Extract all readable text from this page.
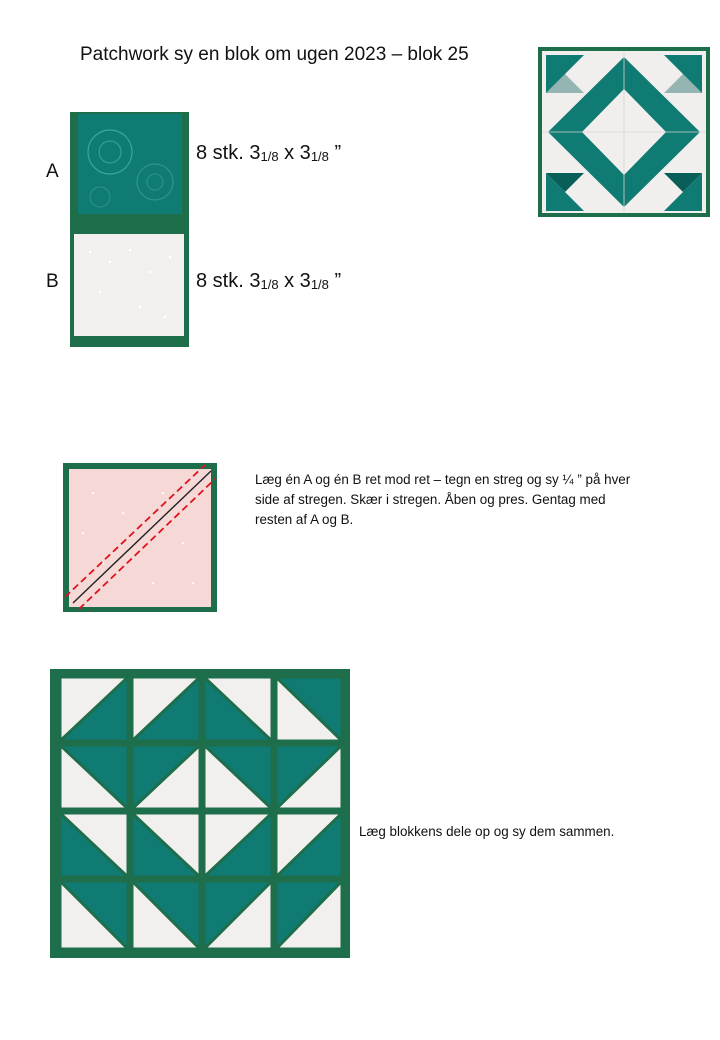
Patchwork sy en blok om ugen 2023 – blok 25
A
8 stk. $3_{1/8}$ x $3_{1/8}$ ”
B	8 stk. $3_{1/8}$ x $3_{1/8}$ ”
Læg én A og én B ret mod ret – tegn en streg og sy ¼ ” på hver side af stregen. Skær i stregen. Åben og pres. Gentag med resten af A og B.
Læg blokkens dele op og sy dem sammen.
